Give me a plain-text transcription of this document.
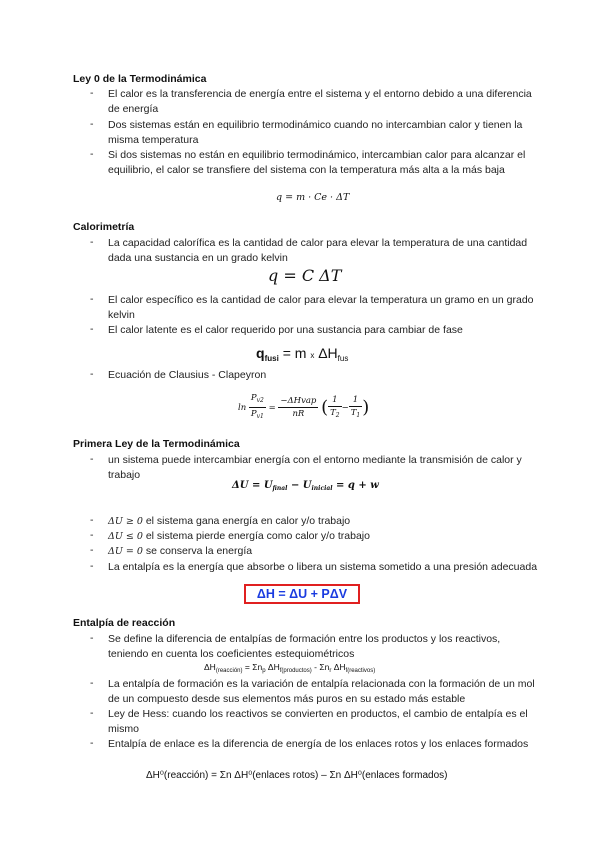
Ley 0 de la Termodinámica
- El calor es la transferencia de energía entre el sistema y el entorno debido a una diferencia de energía
- Dos sistemas están en equilibrio termodinámico cuando no intercambian calor y tienen la misma temperatura
- Si dos sistemas no están en equilibrio termodinámico, intercambian calor para alcanzar el equilibrio, el calor se transfiere del sistema con la temperatura más alta a la más baja
q = m · Ce · ΔT
Calorimetría
- La capacidad calorífica es la cantidad de calor para elevar la temperatura de una cantidad dada una sustancia en un grado kelvin
q = C ΔT
- El calor específico es la cantidad de calor para elevar la temperatura un gramo en un grado kelvin
- El calor latente es el calor requerido por una sustancia para cambiar de fase
$q_{fusi} = m$ x $\Delta H_{fus}$
- Ecuación de Clausius - Clapeyron
$\ln \frac{P_{v2}}{P_{v1}} = \frac{\text{−ΔHvap}}{nR}$ ( $\frac{1}{T_2} - \frac{1}{T_1}$ )
Primera Ley de la Termodinámica
- un sistema puede intercambiar energía con el entorno mediante la transmisión de calor y trabajo
$\Delta U = U_{final} - U_{inicial} = q + w$
- ΔU ≥ 0 el sistema gana energía en calor y/o trabajo
- ΔU ≤ 0 el sistema pierde energía como calor y/o trabajo
- ΔU = 0 se conserva la energía
- La entalpía es la energía que absorbe o libera un sistema sometido a una presión adecuada
ΔH = ΔU + PΔV
Entalpía de reacción
- Se define la diferencia de entalpías de formación entre los productos y los reactivos, teniendo en cuenta los coeficientes estequiométricos
$\Delta H_{(reacción)} = \Sigma n_p$ $\Delta H_{f(productos)} - \Sigma n_r$ $\Delta H_{f(reactivos)}$
- La entalpía de formación es la variación de entalpía relacionada con la formación de un mol de un compuesto desde sus elementos más puros en su estado más estable
- Ley de Hess: cuando los reactivos se convierten en productos, el cambio de entalpía es el mismo
- Entalpía de enlace es la diferencia de energía de los enlaces rotos y los enlaces formados
ΔH⁰(reacción) = Σn ΔH⁰(enlaces rotos) – Σn ΔH⁰(enlaces formados)
